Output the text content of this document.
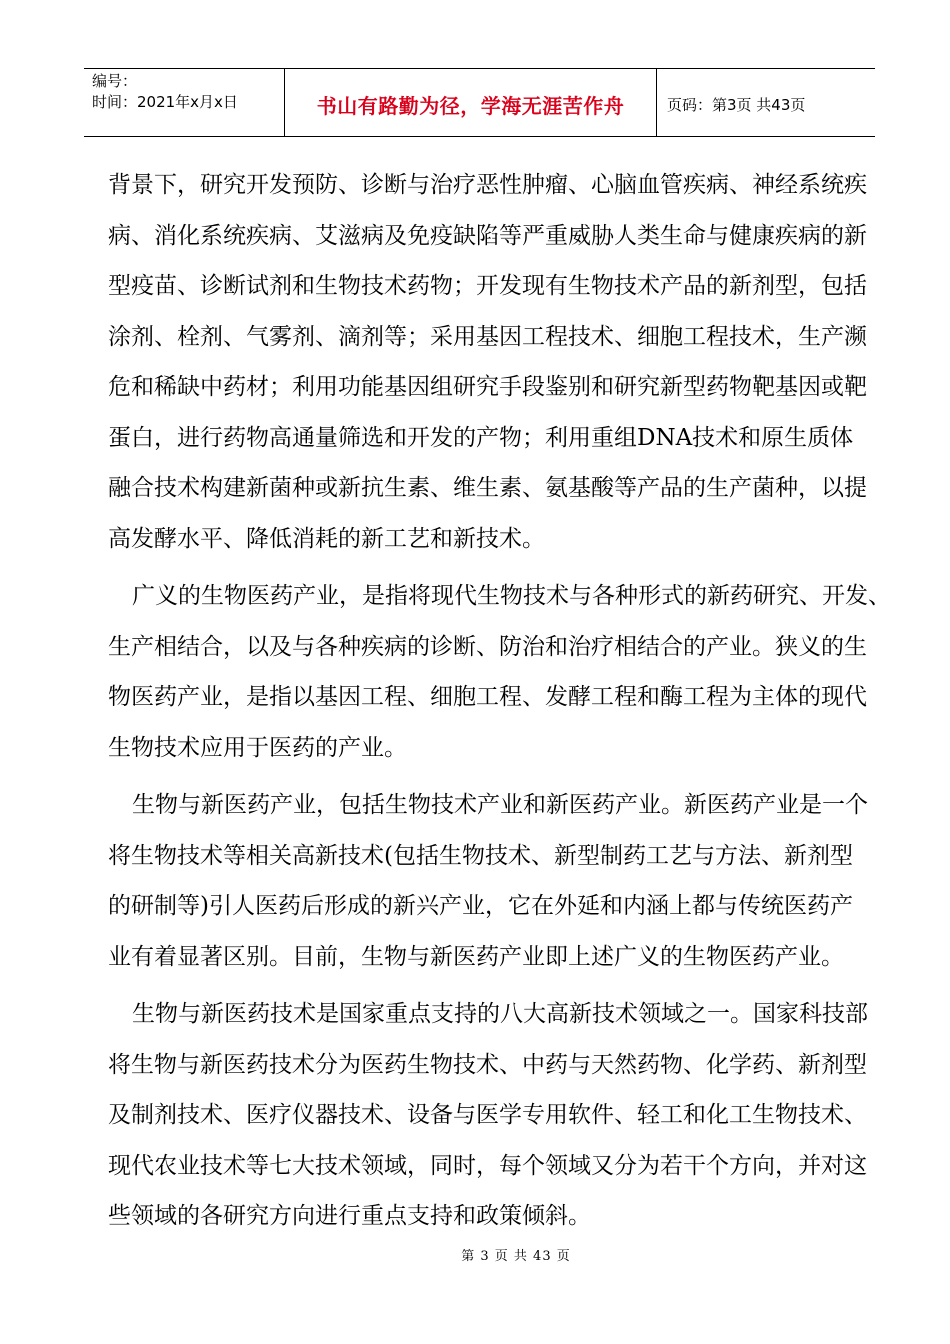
编号：
时间：2021年x月x日	书山有路勤为径，学海无涯苦作舟	页码：第3页 共43页
背景下，研究开发预防、诊断与治疗恶性肿瘤、心脑血管疾病、神经系统疾
病、消化系统疾病、艾滋病及免疫缺陷等严重威胁人类生命与健康疾病的新
型疫苗、诊断试剂和生物技术药物；开发现有生物技术产品的新剂型，包括
涂剂、栓剂、气雾剂、滴剂等；采用基因工程技术、细胞工程技术，生产濒
危和稀缺中药材；利用功能基因组研究手段鉴别和研究新型药物靶基因或靶
蛋白，进行药物高通量筛选和开发的产物；利用重组DNA技术和原生质体
融合技术构建新菌种或新抗生素、维生素、氨基酸等产品的生产菌种，以提
高发酵水平、降低消耗的新工艺和新技术。
广义的生物医药产业，是指将现代生物技术与各种形式的新药研究、开发、
生产相结合，以及与各种疾病的诊断、防治和治疗相结合的产业。狭义的生
物医药产业，是指以基因工程、细胞工程、发酵工程和酶工程为主体的现代
生物技术应用于医药的产业。
生物与新医药产业，包括生物技术产业和新医药产业。新医药产业是一个
将生物技术等相关高新技术(包括生物技术、新型制药工艺与方法、新剂型
的研制等)引人医药后形成的新兴产业，它在外延和内涵上都与传统医药产
业有着显著区别。目前，生物与新医药产业即上述广义的生物医药产业。
生物与新医药技术是国家重点支持的八大高新技术领域之一。国家科技部
将生物与新医药技术分为医药生物技术、中药与天然药物、化学药、新剂型
及制剂技术、医疗仪器技术、设备与医学专用软件、轻工和化工生物技术、
现代农业技术等七大技术领域，同时，每个领域又分为若干个方向，并对这
些领域的各研究方向进行重点支持和政策倾斜。
第 3 页 共 43 页
